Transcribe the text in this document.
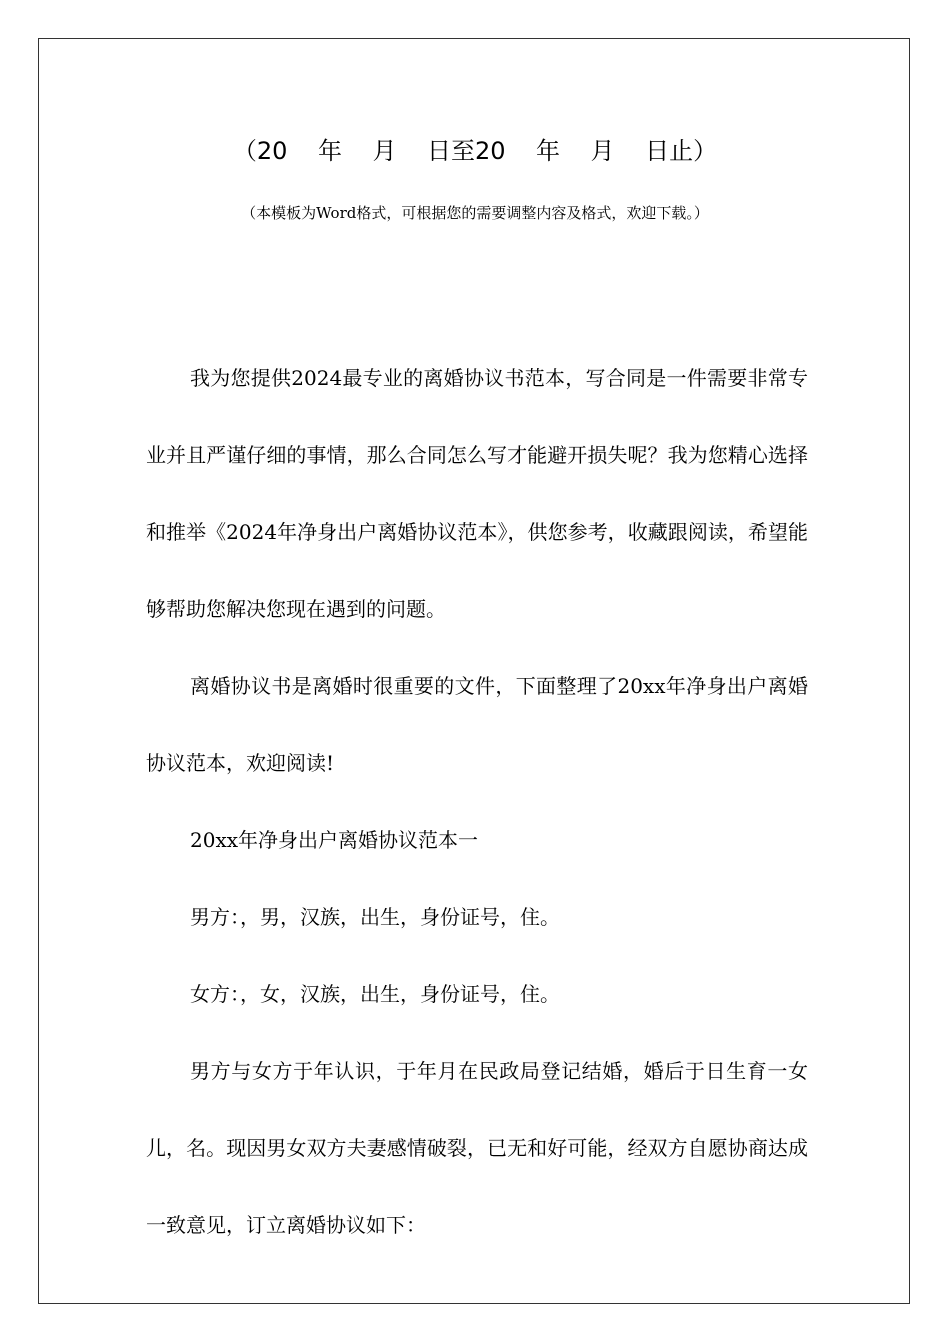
（20    年    月    日至20    年    月    日止）
（本模板为Word格式，可根据您的需要调整内容及格式，欢迎下载。）

我为您提供2024最专业的离婚协议书范本，写合同是一件需要非常专业并且严谨仔细的事情，那么合同怎么写才能避开损失呢？我为您精心选择和推举《2024年净身出户离婚协议范本》，供您参考，收藏跟阅读，希望能够帮助您解决您现在遇到的问题。

离婚协议书是离婚时很重要的文件，下面整理了20xx年净身出户离婚协议范本，欢迎阅读!

20xx年净身出户离婚协议范本一

男方：，男，汉族，出生，身份证号，住。

女方：，女，汉族，出生，身份证号，住。

男方与女方于年认识，于年月在民政局登记结婚，婚后于日生育一女儿，名。现因男女双方夫妻感情破裂，已无和好可能，经双方自愿协商达成一致意见，订立离婚协议如下：
